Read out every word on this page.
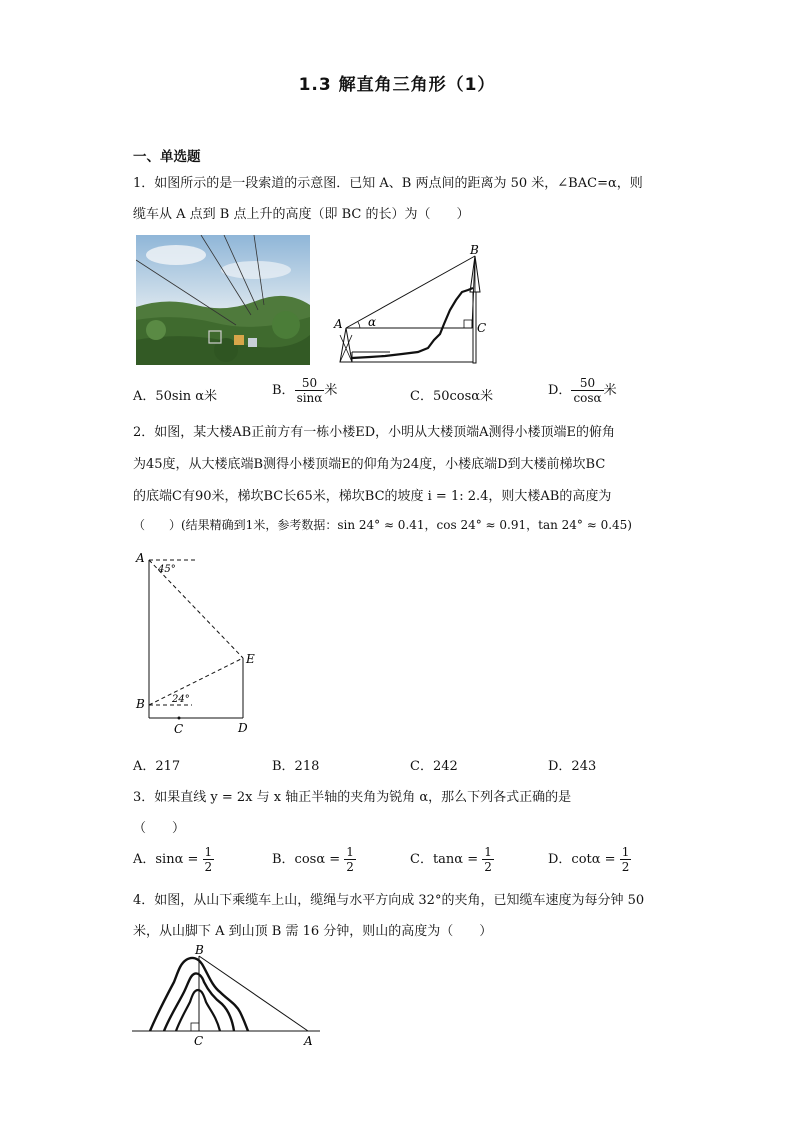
1.3 解直角三角形（1）
一、单选题
1．如图所示的是一段索道的示意图．已知 A、B 两点间的距离为 50 米，∠BAC=α，则
缆车从 A 点到 B 点上升的高度（即 BC 的长）为（　　）
A
B
C
α
A．50sin α米	B． $\frac{50}{\sin\alpha}$ 米	C．50cosα米	D． $\frac{50}{\cos\alpha}$ 米
2．如图，某大楼AB正前方有一栋小楼ED，小明从大楼顶端A测得小楼顶端E的俯角
为45度，从大楼底端B测得小楼顶端E的仰角为24度，小楼底端D到大楼前梯坎BC
的底端C有90米，梯坎BC长65米，梯坎BC的坡度 i = 1: 2.4，则大楼AB的高度为
（　　）(结果精确到1米，参考数据：sin 24° ≈ 0.41，cos 24° ≈ 0.91，tan 24° ≈ 0.45)
A
45°
E
B	24°
C	D
A．217	B．218	C．242	D．243
3．如果直线 y = 2x 与 x 轴正半轴的夹角为锐角 α，那么下列各式正确的是
（　　）
A．$\sin\alpha = \frac{1}{2}$	B．$\cos\alpha = \frac{1}{2}$	C．$\tan\alpha = \frac{1}{2}$	D．$\cot\alpha = \frac{1}{2}$
4．如图，从山下乘缆车上山，缆绳与水平方向成 32°的夹角，已知缆车速度为每分钟 50
米，从山脚下 A 到山顶 B 需 16 分钟，则山的高度为（　　）
B
C	A
